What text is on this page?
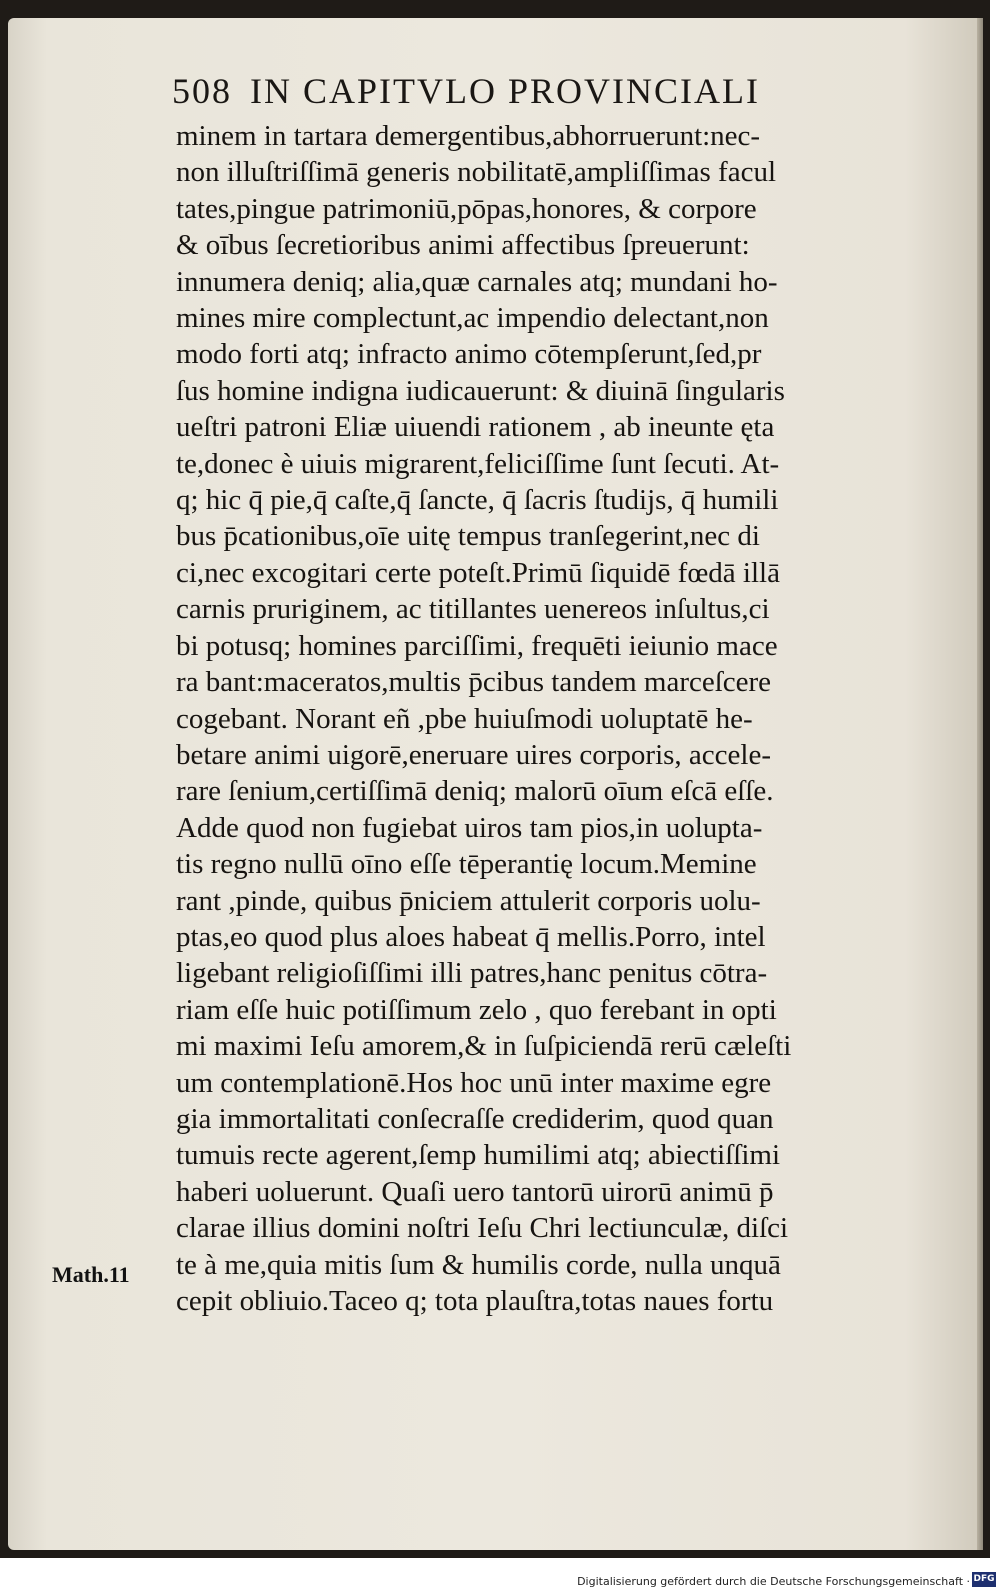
508 IN CAPITVLO PROVINCIALI
minem in tartara demergentibus,abhorruerunt:nec-
non illuſtriſſimā generis nobilitatē,ampliſſimas facul
tates,pingue patrimoniū,pōpas,honores, & corpore
& oībus ſecretioribus animi affectibus ſpreuerunt:
innumera deniq; alia,quæ carnales atq; mundani ho-
mines mire complectunt,ac impendio delectant,non
modo forti atq; infracto animo cōtempſerunt,ſed,pr
ſus homine indigna iudicauerunt: & diuinā ſingularis
ueſtri patroni Eliæ uiuendi rationem , ab ineunte ęta
te,donec è uiuis migrarent,feliciſſime ſunt ſecuti. At-
q; hic q̄ pie,q̄ caſte,q̄ ſancte, q̄ ſacris ſtudijs, q̄ humili
bus p̄cationibus,oīe uitę tempus tranſegerint,nec di
ci,nec excogitari certe poteſt.Primū ſiquidē fœdā illā
carnis pruriginem, ac titillantes uenereos inſultus,ci
bi potusq; homines parciſſimi, frequēti ieiunio mace
ra bant:maceratos,multis p̄cibus tandem marceſcere
cogebant. Norant eñ ,pbe huiuſmodi uoluptatē he-
betare animi uigorē,eneruare uires corporis, accele-
rare ſenium,certiſſimā deniq; malorū oīum eſcā eſſe.
Adde quod non fugiebat uiros tam pios,in uolupta-
tis regno nullū oīno eſſe tēperantię locum.Memine
rant ,pinde, quibus p̄niciem attulerit corporis uolu-
ptas,eo quod plus aloes habeat q̄ mellis.Porro, intel
ligebant religioſiſſimi illi patres,hanc penitus cōtra-
riam eſſe huic potiſſimum zelo , quo ferebant in opti
mi maximi Ieſu amorem,& in ſuſpiciendā rerū cæleſti
um contemplationē.Hos hoc unū inter maxime egre
gia immortalitati conſecraſſe crediderim, quod quan
tumuis recte agerent,ſemp humilimi atq; abiectiſſimi
haberi uoluerunt. Quaſi uero tantorū uirorū animū p̄
clarae illius domini noſtri Ieſu Chri lectiunculæ, diſci
te à me,quia mitis ſum & humilis corde, nulla unquā
cepit obliuio.Taceo q; tota plauſtra,totas naues fortu
Math.11
Digitalisierung gefördert durch die Deutsche Forschungsgemeinschaft · DFG
